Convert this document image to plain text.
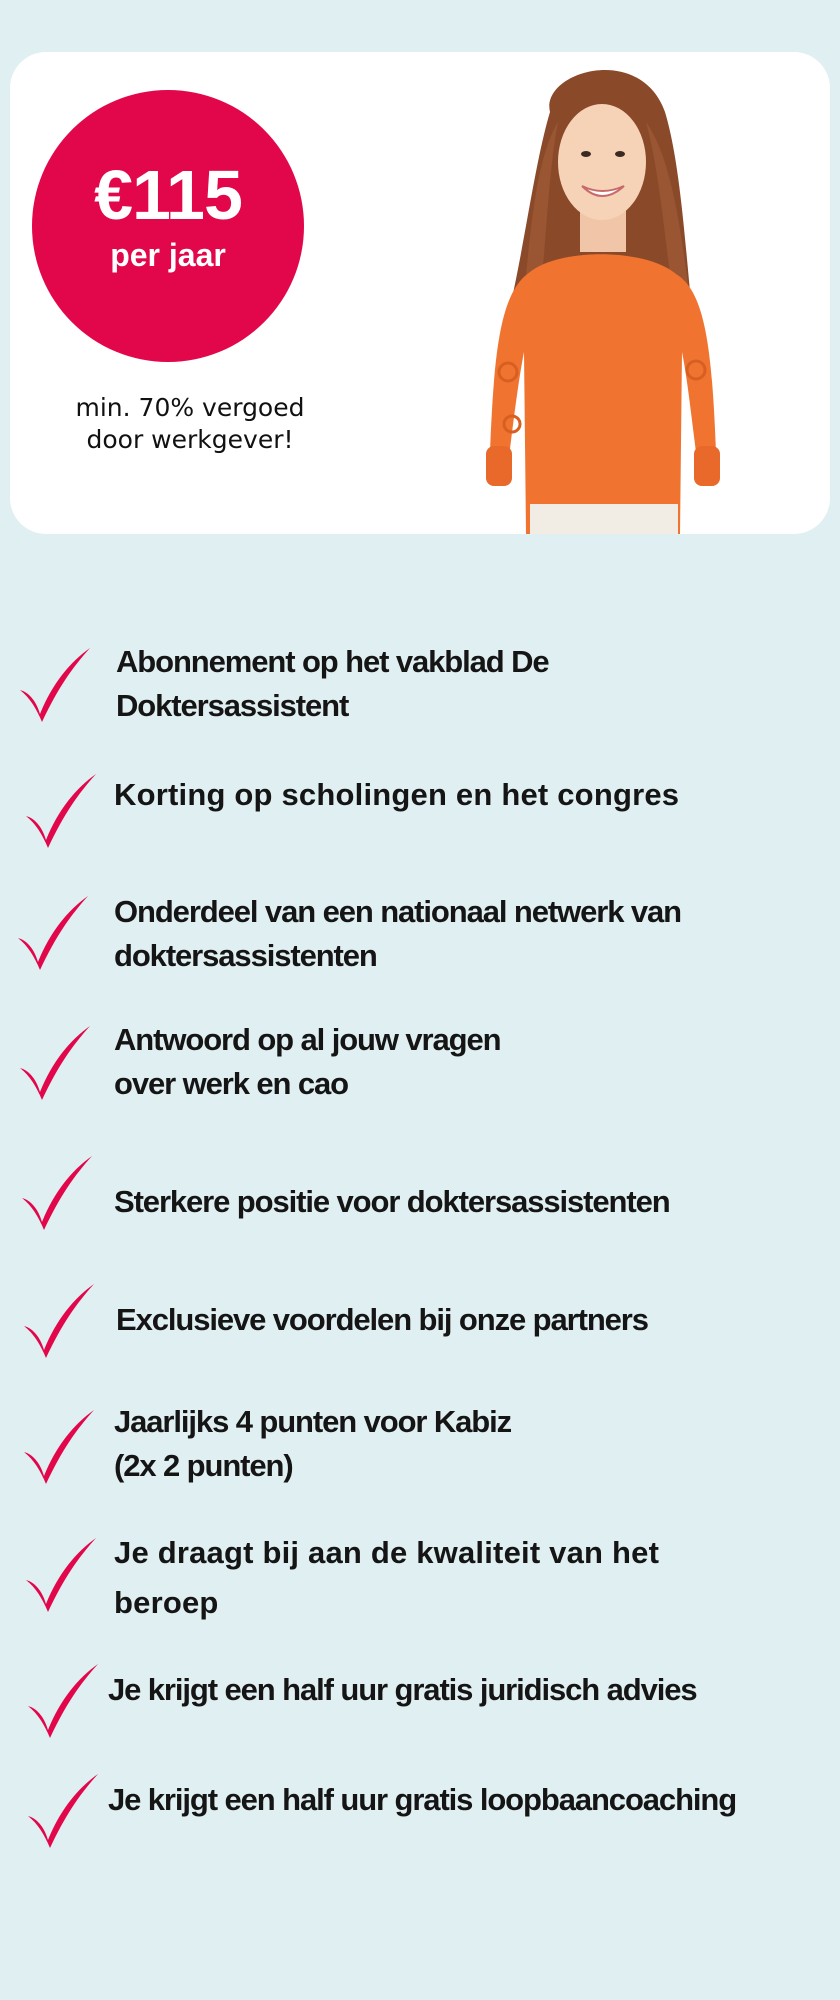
€115
per jaar
min. 70% vergoed
door werkgever!
Abonnement op het vakblad De
Doktersassistent
Korting op scholingen en het congres
Onderdeel van een nationaal netwerk van
doktersassistenten
Antwoord op al jouw vragen
over werk en cao
Sterkere positie voor doktersassistenten
Exclusieve voordelen bij onze partners
Jaarlijks 4 punten voor Kabiz
(2x 2 punten)
Je draagt bij aan de kwaliteit van het
beroep
Je krijgt een half uur gratis juridisch advies
Je krijgt een half uur gratis loopbaancoaching
